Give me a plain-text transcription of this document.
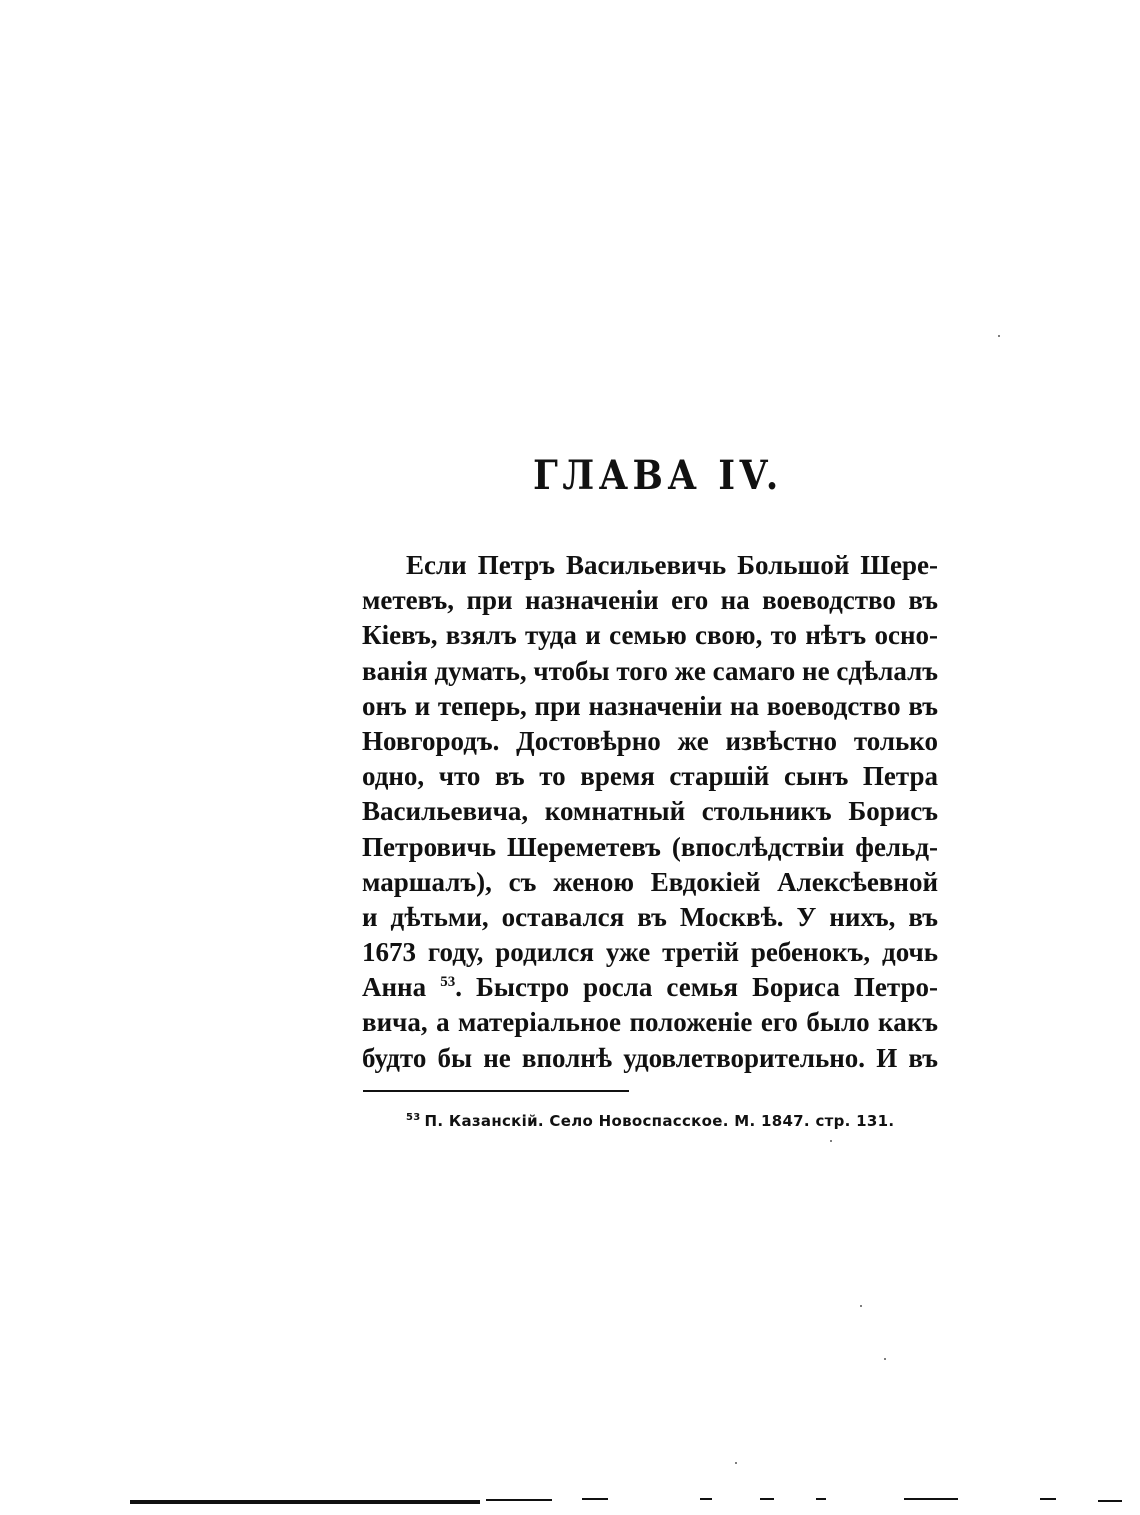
ГЛАВА IV.
Если Петръ Васильевичь Большой Шере-
метевъ, при назначеніи его на воеводство въ
Кіевъ, взялъ туда и семью свою, то нѣтъ осно-
ванія думать, чтобы того же самаго не сдѣлалъ
онъ и теперь, при назначеніи на воеводство въ
Новгородъ. Достовѣрно же извѣстно только
одно, что въ то время старшій сынъ Петра
Васильевича, комнатный стольникъ Борисъ
Петровичь Шереметевъ (впослѣдствіи фельд-
маршалъ), съ женою Евдокіей Алексѣевной
и дѣтьми, оставался въ Москвѣ. У нихъ, въ
1673 году, родился уже третій ребенокъ, дочь
Анна $^{53}$. Быстро росла семья Бориса Петро-
вича, а матеріальное положеніе его было какъ
будто бы не вполнѣ удовлетворительно. И въ

$^{53}$ П. Казанскій. Село Новоспасское. М. 1847. стр. 131.
